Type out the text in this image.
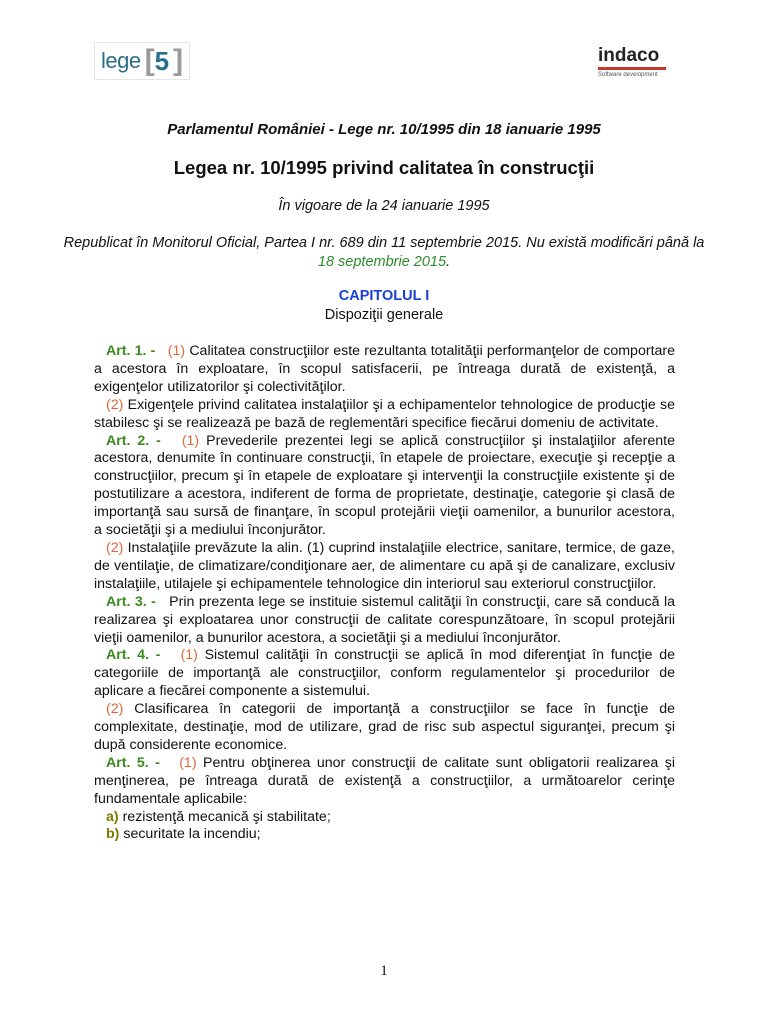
lege [ 5 ]	indaco
Software development
Parlamentul României - Lege nr. 10/1995 din 18 ianuarie 1995
Legea nr. 10/1995 privind calitatea în construcţii
În vigoare de la 24 ianuarie 1995
Republicat în Monitorul Oficial, Partea I nr. 689 din 11 septembrie 2015. Nu există modificări până la 18 septembrie 2015.
CAPITOLUL I
Dispoziţii generale

Art. 1. - (1) Calitatea construcţiilor este rezultanta totalităţii performanţelor de comportare a acestora în exploatare, în scopul satisfacerii, pe întreaga durată de existenţă, a exigenţelor utilizatorilor şi colectivităţilor.

(2) Exigenţele privind calitatea instalaţiilor şi a echipamentelor tehnologice de producţie se stabilesc şi se realizează pe bază de reglementări specifice fiecărui domeniu de activitate.

Art. 2. - (1) Prevederile prezentei legi se aplică construcţiilor şi instalaţiilor aferente acestora, denumite în continuare construcţii, în etapele de proiectare, execuţie şi recepţie a construcţiilor, precum şi în etapele de exploatare şi intervenţii la construcţiile existente şi de postutilizare a acestora, indiferent de forma de proprietate, destinaţie, categorie şi clasă de importanţă sau sursă de finanţare, în scopul protejării vieţii oamenilor, a bunurilor acestora, a societăţii şi a mediului înconjurător.

(2) Instalaţiile prevăzute la alin. (1) cuprind instalaţiile electrice, sanitare, termice, de gaze, de ventilaţie, de climatizare/condiţionare aer, de alimentare cu apă şi de canalizare, exclusiv instalaţiile, utilajele şi echipamentele tehnologice din interiorul sau exteriorul construcţiilor.

Art. 3. - Prin prezenta lege se instituie sistemul calităţii în construcţii, care să conducă la realizarea şi exploatarea unor construcţii de calitate corespunzătoare, în scopul protejării vieţii oamenilor, a bunurilor acestora, a societăţii şi a mediului înconjurător.

Art. 4. - (1) Sistemul calităţii în construcţii se aplică în mod diferenţiat în funcţie de categoriile de importanţă ale construcţiilor, conform regulamentelor şi procedurilor de aplicare a fiecărei componente a sistemului.

(2) Clasificarea în categorii de importanţă a construcţiilor se face în funcţie de complexitate, destinaţie, mod de utilizare, grad de risc sub aspectul siguranţei, precum şi după considerente economice.

Art. 5. - (1) Pentru obţinerea unor construcţii de calitate sunt obligatorii realizarea şi menţinerea, pe întreaga durată de existenţă a construcţiilor, a următoarelor cerinţe fundamentale aplicabile:

a) rezistenţă mecanică şi stabilitate;
b) securitate la incendiu;
1
